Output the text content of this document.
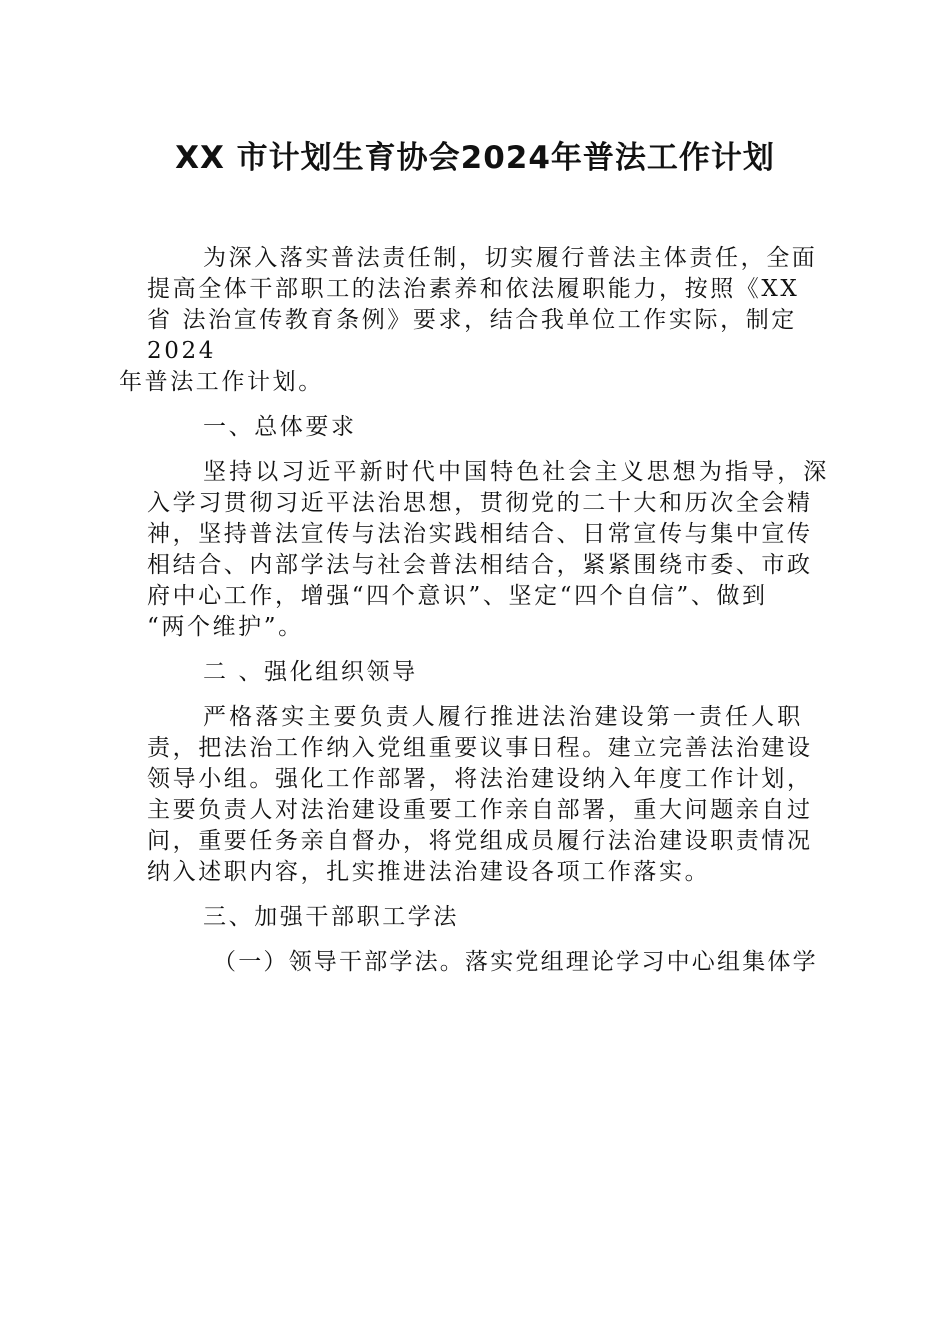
XX 市计划生育协会2024年普法工作计划
为深入落实普法责任制，切实履行普法主体责任，全面
提高全体干部职工的法治素养和依法履职能力，按照《XX
省 法治宣传教育条例》要求，结合我单位工作实际，制定
2024
年普法工作计划。
一、总体要求
坚持以习近平新时代中国特色社会主义思想为指导，深
入学习贯彻习近平法治思想，贯彻党的二十大和历次全会精
神，坚持普法宣传与法治实践相结合、日常宣传与集中宣传
相结合、内部学法与社会普法相结合，紧紧围绕市委、市政
府中心工作，增强“四个意识”、坚定“四个自信”、做到
“两个维护”。
二 、强化组织领导
严格落实主要负责人履行推进法治建设第一责任人职
责，把法治工作纳入党组重要议事日程。建立完善法治建设
领导小组。强化工作部署，将法治建设纳入年度工作计划，
主要负责人对法治建设重要工作亲自部署，重大问题亲自过
问，重要任务亲自督办，将党组成员履行法治建设职责情况
纳入述职内容，扎实推进法治建设各项工作落实。
三、加强干部职工学法
（一）领导干部学法。落实党组理论学习中心组集体学
